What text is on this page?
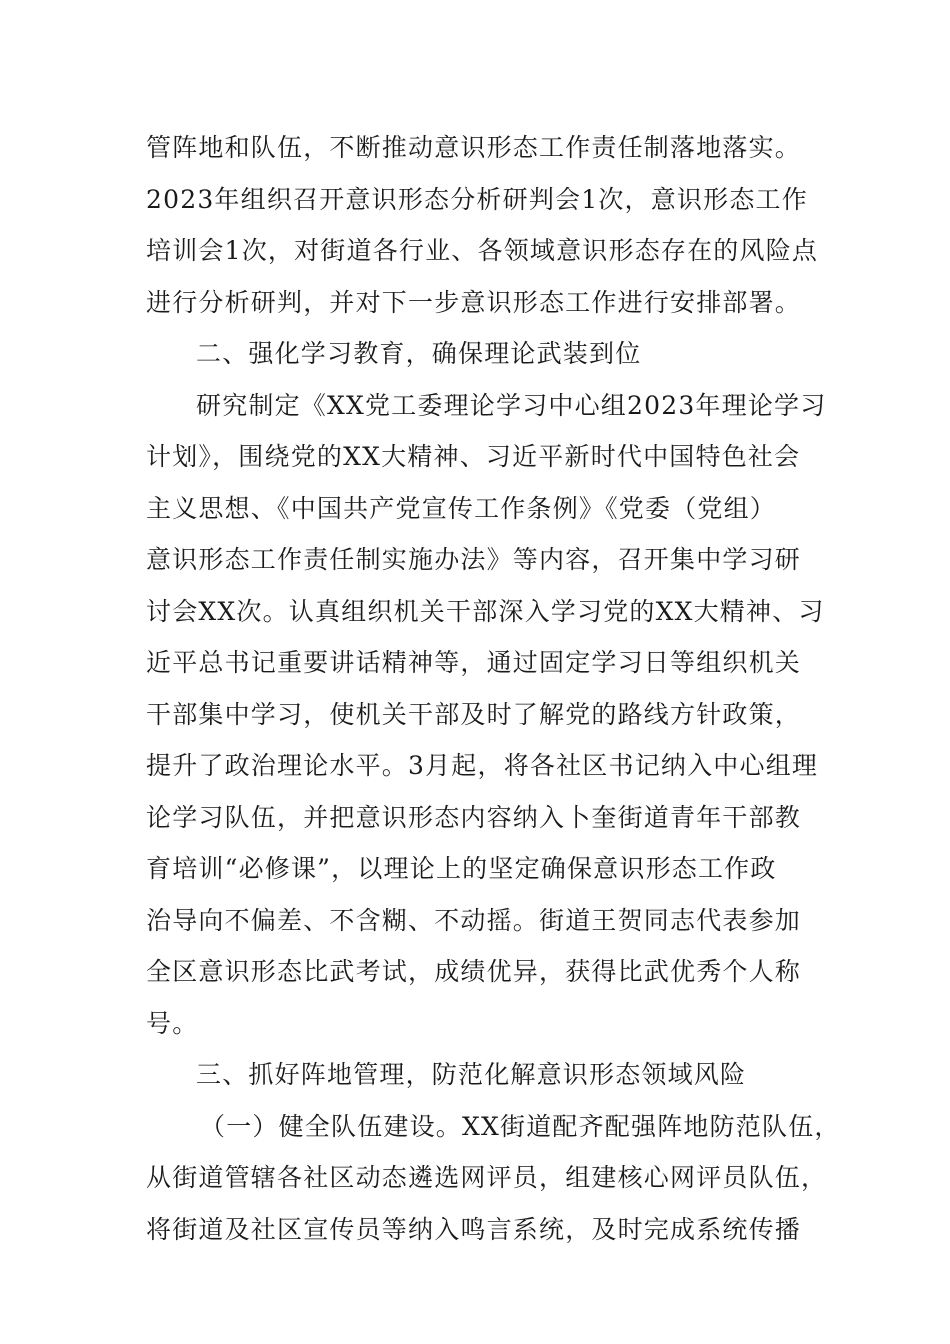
管阵地和队伍，不断推动意识形态工作责任制落地落实。
2023年组织召开意识形态分析研判会1次，意识形态工作
培训会1次，对街道各行业、各领域意识形态存在的风险点
进行分析研判，并对下一步意识形态工作进行安排部署。
二、强化学习教育，确保理论武装到位
研究制定《XX党工委理论学习中心组2023年理论学习
计划》，围绕党的XX大精神、习近平新时代中国特色社会
主义思想、《中国共产党宣传工作条例》《党委（党组）
意识形态工作责任制实施办法》等内容，召开集中学习研
讨会XX次。认真组织机关干部深入学习党的XX大精神、习
近平总书记重要讲话精神等，通过固定学习日等组织机关
干部集中学习，使机关干部及时了解党的路线方针政策，
提升了政治理论水平。3月起，将各社区书记纳入中心组理
论学习队伍，并把意识形态内容纳入卜奎街道青年干部教
育培训“必修课”，以理论上的坚定确保意识形态工作政
治导向不偏差、不含糊、不动摇。街道王贺同志代表参加
全区意识形态比武考试，成绩优异，获得比武优秀个人称
号。
三、抓好阵地管理，防范化解意识形态领域风险
（一）健全队伍建设。XX街道配齐配强阵地防范队伍，
从街道管辖各社区动态遴选网评员，组建核心网评员队伍，
将街道及社区宣传员等纳入鸣言系统，及时完成系统传播
